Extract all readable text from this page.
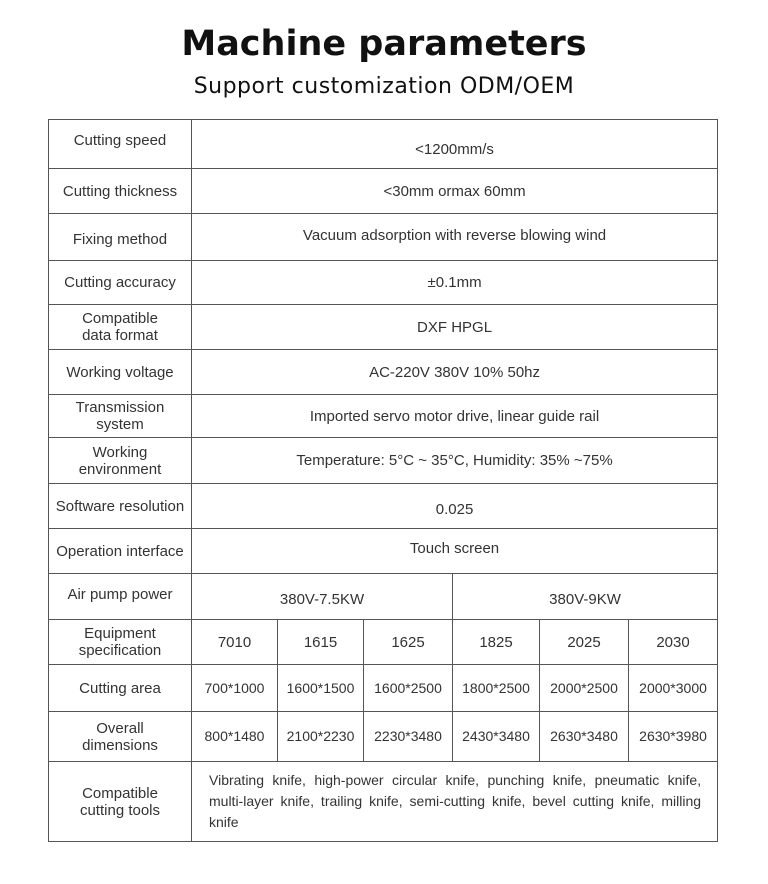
Machine parameters
Support customization ODM/OEM
Cutting speed	<1200mm/s					
Cutting thickness	<30mm ormax 60mm					
Fixing method	Vacuum adsorption with reverse blowing wind					
Cutting accuracy	±0.1mm					
Compatible data format	DXF HPGL					
Working voltage	AC-220V 380V 10% 50hz					
Transmission system	Imported servo motor drive, linear guide rail					
Working environment	Temperature: 5°C ~ 35°C, Humidity: 35% ~75%					
Software resolution	0.025					
Operation interface	Touch screen					
Air pump power	380V-7.5KW			380V-9KW		
Equipment specification	7010	1615	1625	1825	2025	2030
Cutting area	700*1000	1600*1500	1600*2500	1800*2500	2000*2500	2000*3000
Overall dimensions	800*1480	2100*2230	2230*3480	2430*3480	2630*3480	2630*3980
Compatible cutting tools	Vibrating knife, high-power circular knife, punching knife, pneumatic knife, multi-layer knife, trailing knife, semi-cutting knife, bevel cutting knife, milling knife					
